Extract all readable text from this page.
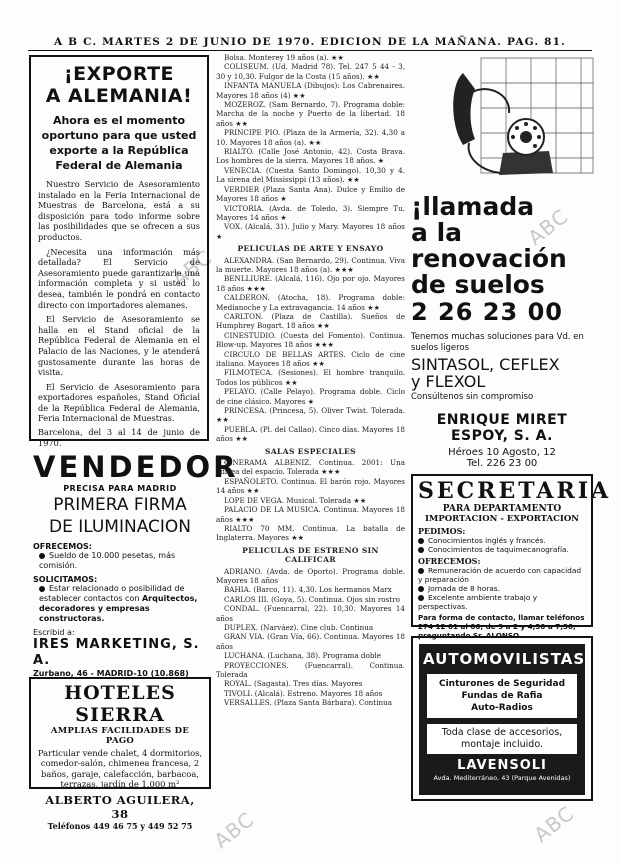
A B C. MARTES 2 DE JUNIO DE 1970. EDICION DE LA MAÑANA. PAG. 81.
ABC
ABC
ABC
ABC
¡EXPORTE
A ALEMANIA!
Ahora es el momento oportuno para que usted exporte a la República Federal de Alemania
Nuestro Servicio de Asesoramiento instalado en la Feria Internacional de Muestras de Barcelona, está a su disposición para todo informe sobre las posibilidades que se ofrecen a sus productos.
¿Necesita una información más detallada? El Servicio de Asesoramiento puede garantizarle una información completa y si usted lo desea, también le pondrá en contacto directo con importadores alemanes.
El Servicio de Asesoramiento se halla en el Stand oficial de la República Federal de Alemania en el Palacio de las Naciones, y le atenderá gustosamente durante las horas de visita.
El Servicio de Asesoramiento para exportadores españoles, Stand Oficial de la República Federal de Alemania, Feria Internacional de Muestras.
Barcelona, del 3 al 14 de junio de 1970.
VENDEDOR
PRECISA PARA MADRID
PRIMERA FIRMA
DE ILUMINACION
OFRECEMOS:
Sueldo de 10.000 pesetas, más comisión.
SOLICITAMOS:
Estar relacionado o posibilidad de establecer contactos con Arquitectos, decoradores y empresas constructoras.
Escribid a:
IRES MARKETING, S. A.
Zurbano, 46 - MADRID-10 (10.868)
HOTELES SIERRA
AMPLIAS FACILIDADES DE PAGO
Particular vende chalet, 4 dormitorios, comedor-salón, chimenea francesa, 2 baños, garaje, calefacción, barbacoa, terrazas, jardín de 1.000 m²
ALBERTO AGUILERA, 38
Teléfonos 449 46 75 y 449 52 75

Bolsa. Monterey 19 años (a). ★★

COLISEUM. (Ud. Madrid 78). Tel. 247 5 44 - 3, 30 y 10,30. Fulgor de la Costa (15 años). ★★

INFANTA MANUELA (Dibujos): Los Cabrenaires. Mayores 18 años (4) ★★

MOZEROZ. (Sam Bernardo, 7). Programa doble: Marcha de la noche y Puerto de la libertad. 18 años ★★

PRINCIPE PIO. (Plaza de la Armería, 32). 4,30 a 10. Mayores 18 años (a). ★★

RIALTO. (Calle José Antonio, 42). Costa Brava. Los hombres de la sierra. Mayores 18 años. ★

VENECIA. (Cuesta Santo Domingo). 10,30 y 4. La sirena del Mississippi (13 años). ★★

VERDIER (Plaza Santa Ana). Dulce y Emilio de Mayores 18 años ★

VICTORIA. (Avda. de Toledo, 3). Siempre Tu. Mayores 14 años ★

VOX. (Alcalá, 31). Julio y Mary. Mayores 18 años ★

PELICULAS DE ARTE Y ENSAYO

ALEXANDRA. (San Bernardo, 29). Continua. Viva la muerte. Mayores 18 años (a). ★★★

BENLLIURE. (Alcalá, 116). Ojo por ojo. Mayores 18 años ★★★

CALDERON. (Atocha, 18). Programa doble: Medianoche y La extravagancia. 14 años ★★

CARLTON. (Plaza de Castilla). Sueños de Humphrey Bogart. 18 años ★★

CINESTUDIO. (Cuesta del Fomento). Continua. Blow-up. Mayores 18 años ★★★

CIRCULO DE BELLAS ARTES. Ciclo de cine italiano. Mayores 18 años ★★

FILMOTECA. (Sesiones). El hombre tranquilo. Todos los públicos ★★

PELAYO. (Calle Pelayo). Programa doble. Ciclo de cine clásico. Mayores ★

PRINCESA. (Princesa, 5). Oliver Twist. Tolerada. ★★

PUEBLA. (Pl. del Callao). Cinco días. Mayores 18 años ★★

SALAS ESPECIALES

CINERAMA ALBENIZ. Continua. 2001: Una odisea del espacio. Tolerada ★★★

ESPAÑOLETO. Continua. El barón rojo. Mayores 14 años ★★

LOPE DE VEGA. Musical. Tolerada ★★

PALACIO DE LA MUSICA. Continua. Mayores 18 años ★★★

RIALTO 70 MM. Continua. La batalla de Inglaterra. Mayores ★★

PELICULAS DE ESTRENO SIN CALIFICAR

ADRIANO. (Avda. de Oporto). Programa doble. Mayores 18 años

BAHIA. (Barco, 11). 4,30. Los hermanos Marx

CARLOS III. (Goya, 5). Continua. Ojos sin rostro

CONDAL. (Fuencarral, 22). 10,30. Mayores 14 años

DUPLEX. (Narváez). Cine club. Continua

GRAN VIA. (Gran Vía, 66). Continua. Mayores 18 años

LUCHANA. (Luchana, 38). Programa doble

PROYECCIONES. (Fuencarral). Continua. Tolerada

ROYAL. (Sagasta). Tres días. Mayores

TIVOLI. (Alcalá). Estreno. Mayores 18 años

VERSALLES. (Plaza Santa Bárbara). Continua

¡llamada
a la
renovación
de suelos
2 26 23 00
Tenemos muchas soluciones para Vd. en suelos ligeros
SINTASOL, CEFLEX
y FLEXOL
Consúltenos sin compromiso
ENRIQUE MIRET
ESPOY, S. A.
Héroes 10 Agosto, 12
Tel. 226 23 00
SECRETARIA
PARA DEPARTAMENTO
IMPORTACION - EXPORTACION
PEDIMOS:
Conocimientos inglés y francés.
Conocimientos de taquimecanografía.
OFRECEMOS:
Remuneración de acuerdo con capacidad y preparación
Jornada de 8 horas.
Excelente ambiente trabajo y perspectivas.
Para forma de contacto, llamar teléfonos 274 12 01 al 06, de 9 a 2 y 4,30 a 7,30, preguntando Sr. ALONSO.
AUTOMOVILISTAS
Cinturones de Seguridad
Fundas de Rafia
Auto-Radios
Toda clase de accesorios,
montaje incluido.
LAVENSOLI
Avda. Mediterráneo, 43 (Parque Avenidas)
